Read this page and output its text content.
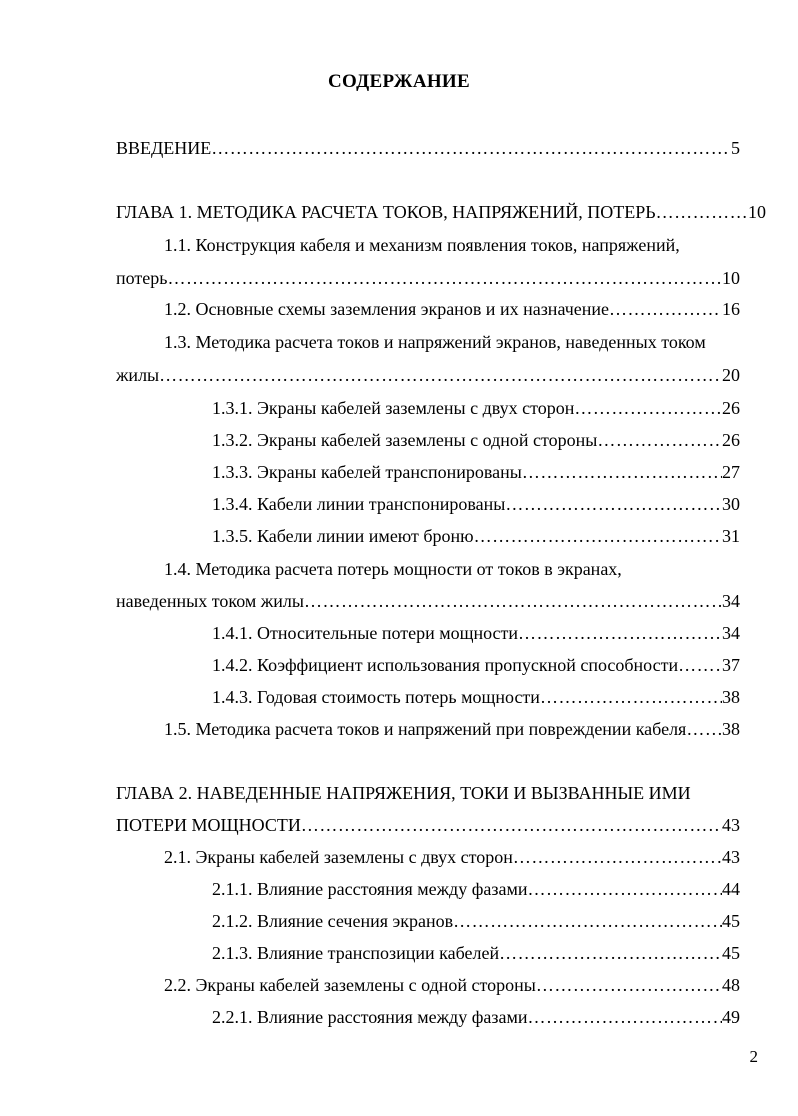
СОДЕРЖАНИЕ
ВВЕДЕНИЕ ……………………………………………………………………………………………………………………………………………………………………	5
ГЛАВА 1. МЕТОДИКА РАСЧЕТА ТОКОВ, НАПРЯЖЕНИЙ, ПОТЕРЬ ……………………………………………………………………………………………………………………………………………………………………	10
1.1. Конструкция кабеля и механизм появления токов, напряжений,
потерь ……………………………………………………………………………………………………………………………………………………………………	10
1.2. Основные схемы заземления экранов и их назначение ……………………………………………………………………………………………………………………………………………………………………	16
1.3. Методика расчета токов и напряжений экранов, наведенных током
жилы ……………………………………………………………………………………………………………………………………………………………………	20
1.3.1. Экраны кабелей заземлены с двух сторон ……………………………………………………………………………………………………………………………………………………………………	26
1.3.2. Экраны кабелей заземлены с одной стороны ……………………………………………………………………………………………………………………………………………………………………	26
1.3.3. Экраны кабелей транспонированы ……………………………………………………………………………………………………………………………………………………………………	27
1.3.4. Кабели линии транспонированы ……………………………………………………………………………………………………………………………………………………………………	30
1.3.5. Кабели линии имеют броню ……………………………………………………………………………………………………………………………………………………………………	31
1.4. Методика расчета потерь мощности от токов в экранах,
наведенных током жилы ……………………………………………………………………………………………………………………………………………………………………	34
1.4.1. Относительные потери мощности ……………………………………………………………………………………………………………………………………………………………………	34
1.4.2. Коэффициент использования пропускной способности …………………………………………………………………………………………………………………………………………………………………… 37
1.4.3. Годовая стоимость потерь мощности ……………………………………………………………………………………………………………………………………………………………………	38
1.5. Методика расчета токов и напряжений при повреждении кабеля …………………………………………………………………………………………………………………………………………………………………… 38
ГЛАВА 2. НАВЕДЕННЫЕ НАПРЯЖЕНИЯ, ТОКИ И ВЫЗВАННЫЕ ИМИ
ПОТЕРИ МОЩНОСТИ ……………………………………………………………………………………………………………………………………………………………………	43
2.1. Экраны кабелей заземлены с двух сторон ……………………………………………………………………………………………………………………………………………………………………	43
2.1.1. Влияние расстояния между фазами ……………………………………………………………………………………………………………………………………………………………………	44
2.1.2. Влияние сечения экранов ……………………………………………………………………………………………………………………………………………………………………	45
2.1.3. Влияние транспозиции кабелей ……………………………………………………………………………………………………………………………………………………………………	45
2.2. Экраны кабелей заземлены с одной стороны ……………………………………………………………………………………………………………………………………………………………………	48
2.2.1. Влияние расстояния между фазами ……………………………………………………………………………………………………………………………………………………………………	49
2
